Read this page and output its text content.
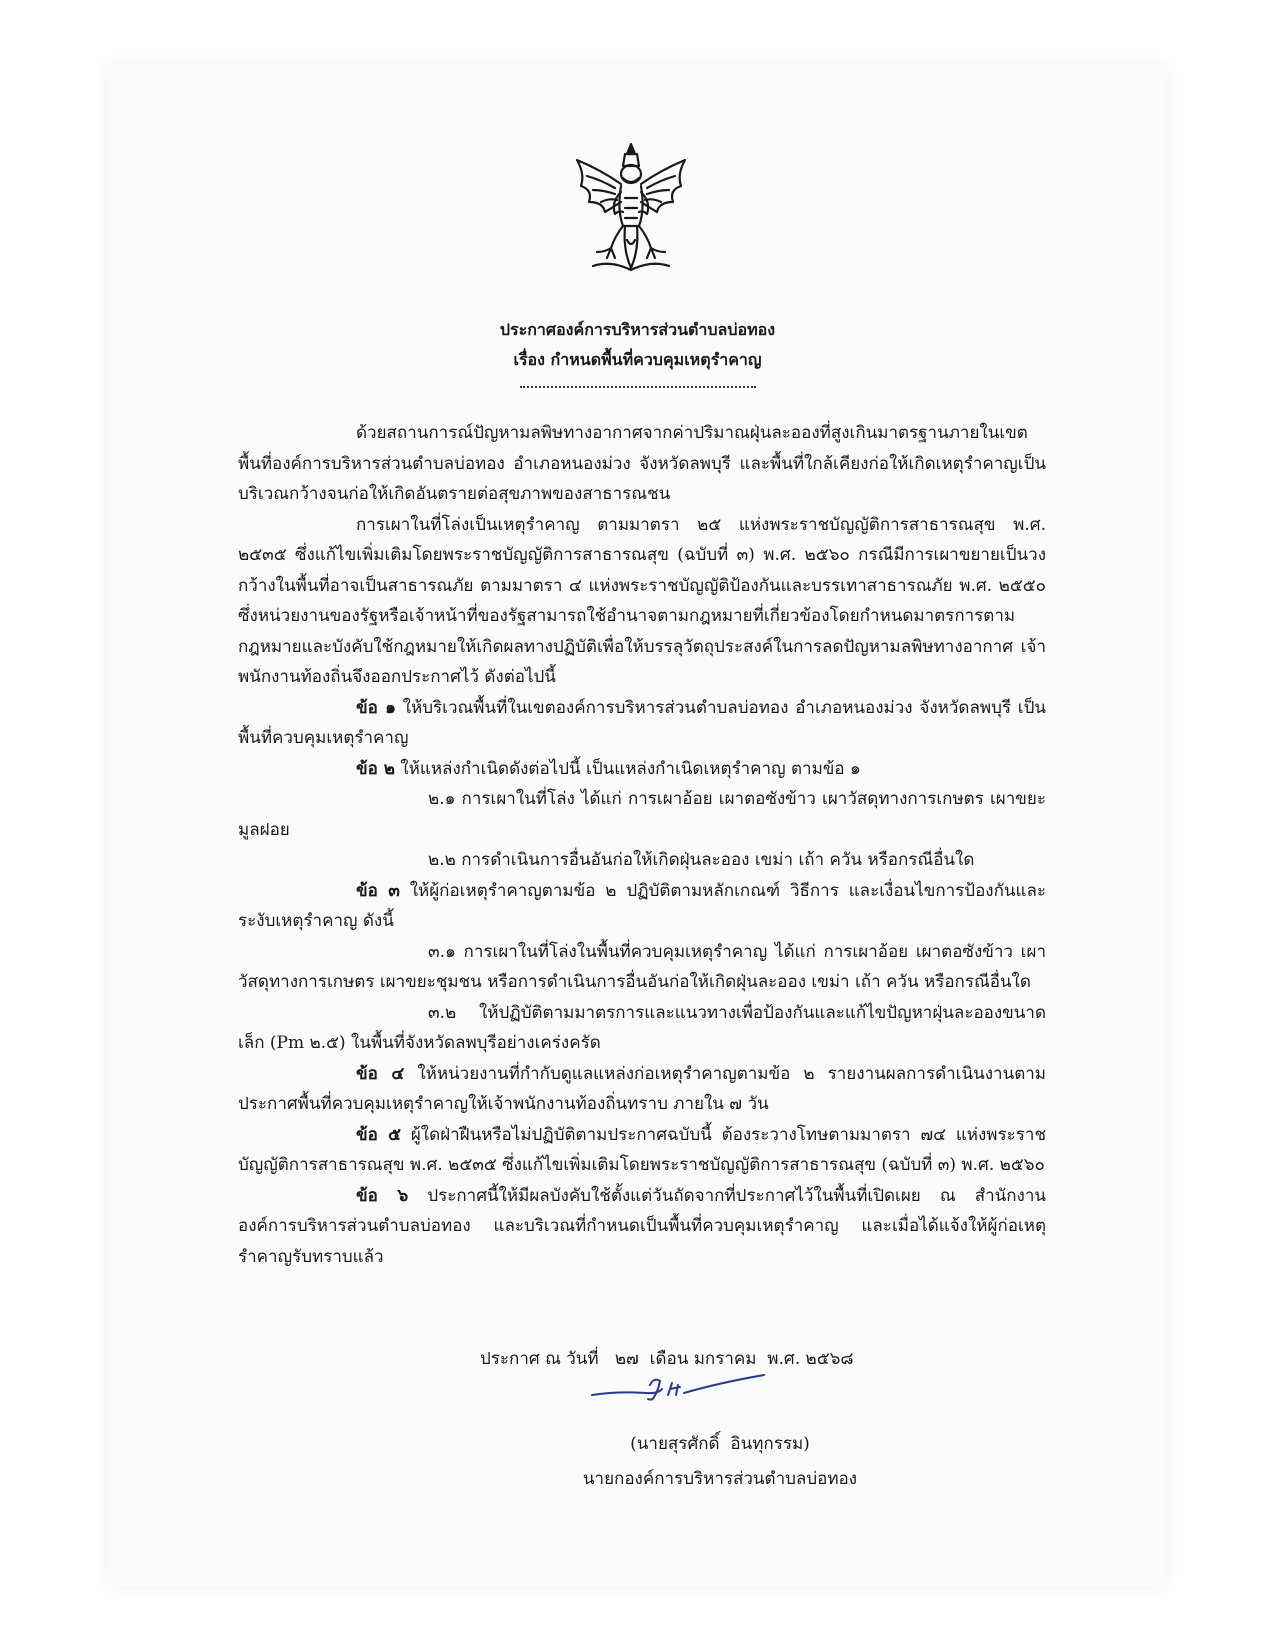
ประกาศองค์การบริหารส่วนตำบลบ่อทอง
เรื่อง กำหนดพื้นที่ควบคุมเหตุรำคาญ

ด้วยสถานการณ์ปัญหามลพิษทางอากาศจากค่าปริมาณฝุ่นละอองที่สูงเกินมาตรฐานภายในเขตพื้นที่องค์การบริหารส่วนตำบลบ่อทอง อำเภอหนองม่วง จังหวัดลพบุรี และพื้นที่ใกล้เคียงก่อให้เกิดเหตุรำคาญเป็นบริเวณกว้างจนก่อให้เกิดอันตรายต่อสุขภาพของสาธารณชน

การเผาในที่โล่งเป็นเหตุรำคาญ ตามมาตรา ๒๕ แห่งพระราชบัญญัติการสาธารณสุข พ.ศ. ๒๕๓๕ ซึ่งแก้ไขเพิ่มเติมโดยพระราชบัญญัติการสาธารณสุข (ฉบับที่ ๓) พ.ศ. ๒๕๖๐ กรณีมีการเผาขยายเป็นวงกว้างในพื้นที่อาจเป็นสาธารณภัย ตามมาตรา ๔ แห่งพระราชบัญญัติป้องกันและบรรเทาสาธารณภัย พ.ศ. ๒๕๕๐ ซึ่งหน่วยงานของรัฐหรือเจ้าหน้าที่ของรัฐสามารถใช้อำนาจตามกฎหมายที่เกี่ยวข้องโดยกำหนดมาตรการตามกฎหมายและบังคับใช้กฎหมายให้เกิดผลทางปฏิบัติเพื่อให้บรรลุวัตถุประสงค์ในการลดปัญหามลพิษทางอากาศ เจ้าพนักงานท้องถิ่นจึงออกประกาศไว้ ดังต่อไปนี้

ข้อ ๑ ให้บริเวณพื้นที่ในเขตองค์การบริหารส่วนตำบลบ่อทอง อำเภอหนองม่วง จังหวัดลพบุรี เป็นพื้นที่ควบคุมเหตุรำคาญ

ข้อ ๒ ให้แหล่งกำเนิดดังต่อไปนี้ เป็นแหล่งกำเนิดเหตุรำคาญ ตามข้อ ๑

๒.๑ การเผาในที่โล่ง ได้แก่ การเผาอ้อย เผาตอซังข้าว เผาวัสดุทางการเกษตร เผาขยะ

มูลฝอย

๒.๒ การดำเนินการอื่นอันก่อให้เกิดฝุ่นละออง เขม่า เถ้า ควัน หรือกรณีอื่นใด

ข้อ ๓ ให้ผู้ก่อเหตุรำคาญตามข้อ ๒ ปฏิบัติตามหลักเกณฑ์ วิธีการ และเงื่อนไขการป้องกันและระงับเหตุรำคาญ ดังนี้

๓.๑ การเผาในที่โล่งในพื้นที่ควบคุมเหตุรำคาญ ได้แก่ การเผาอ้อย เผาตอซังข้าว เผาวัสดุทางการเกษตร เผาขยะชุมชน หรือการดำเนินการอื่นอันก่อให้เกิดฝุ่นละออง เขม่า เถ้า ควัน หรือกรณีอื่นใด

๓.๒ ให้ปฏิบัติตามมาตรการและแนวทางเพื่อป้องกันและแก้ไขปัญหาฝุ่นละอองขนาดเล็ก (Pm ๒.๕) ในพื้นที่จังหวัดลพบุรีอย่างเคร่งครัด

ข้อ ๔ ให้หน่วยงานที่กำกับดูแลแหล่งก่อเหตุรำคาญตามข้อ ๒ รายงานผลการดำเนินงานตามประกาศพื้นที่ควบคุมเหตุรำคาญให้เจ้าพนักงานท้องถิ่นทราบ ภายใน ๗ วัน

ข้อ ๕ ผู้ใดฝ่าฝืนหรือไม่ปฏิบัติตามประกาศฉบับนี้ ต้องระวางโทษตามมาตรา ๗๔ แห่งพระราชบัญญัติการสาธารณสุข พ.ศ. ๒๕๓๕ ซึ่งแก้ไขเพิ่มเติมโดยพระราชบัญญัติการสาธารณสุข (ฉบับที่ ๓) พ.ศ. ๒๕๖๐

ข้อ ๖ ประกาศนี้ให้มีผลบังคับใช้ตั้งแต่วันถัดจากที่ประกาศไว้ในพื้นที่เปิดเผย ณ สำนักงานองค์การบริหารส่วนตำบลบ่อทอง และบริเวณที่กำหนดเป็นพื้นที่ควบคุมเหตุรำคาญ และเมื่อได้แจ้งให้ผู้ก่อเหตุรำคาญรับทราบแล้ว

ประกาศ ณ วันที่   ๒๗  เดือน มกราคม  พ.ศ. ๒๕๖๘
(นายสุรศักดิ์  อินทุกรรม)
นายกองค์การบริหารส่วนตำบลบ่อทอง
